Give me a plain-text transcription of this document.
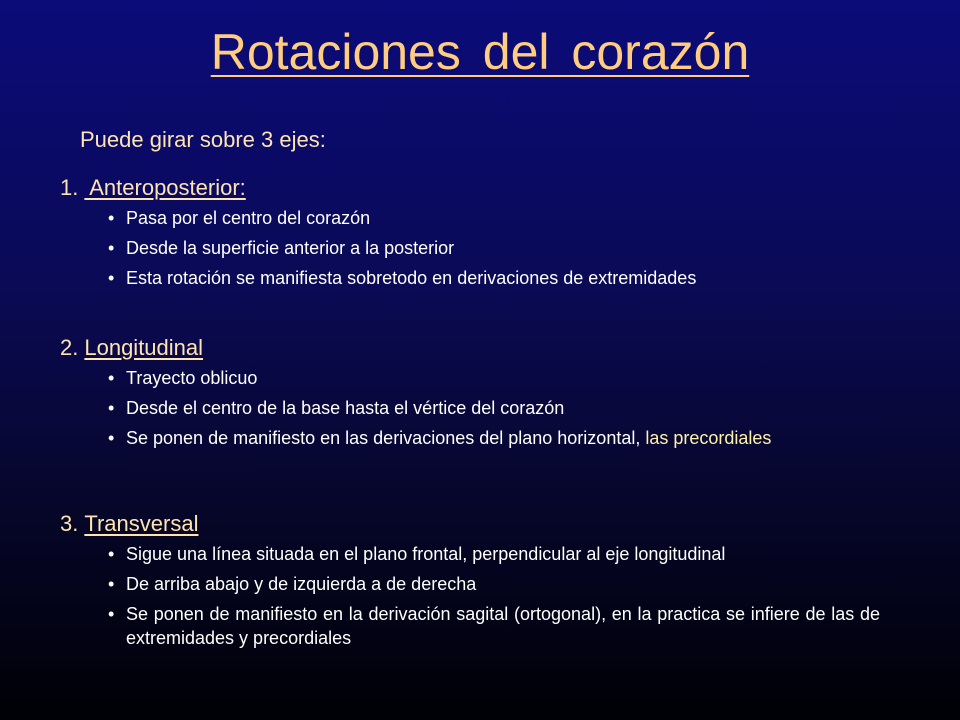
Rotaciones del corazón
Puede girar sobre 3 ejes:
1. Anteroposterior:
• Pasa por el centro del corazón
• Desde la superficie anterior a la posterior
• Esta rotación se manifiesta sobretodo en derivaciones de extremidades
2. Longitudinal
• Trayecto oblicuo
• Desde el centro de la base hasta el vértice del corazón
• Se ponen de manifiesto en las derivaciones del plano horizontal, las precordiales
3. Transversal
• Sigue una línea situada en el plano frontal, perpendicular al eje longitudinal
• De arriba abajo y de izquierda a de derecha
• Se ponen de manifiesto en la derivación sagital (ortogonal), en la practica se infiere de las de extremidades y precordiales
